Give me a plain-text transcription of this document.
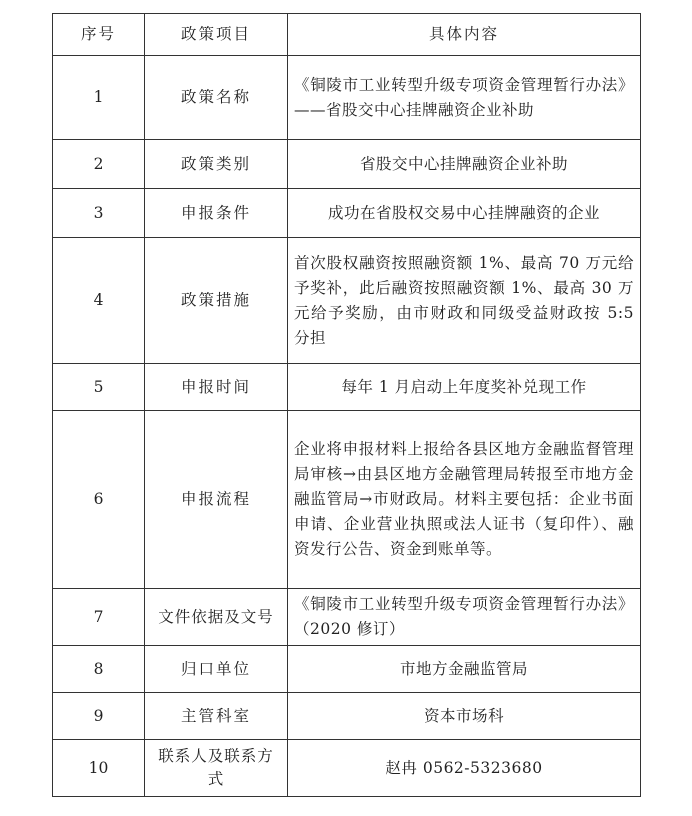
序号	政策项目	具体内容
1	政策名称	《铜陵市工业转型升级专项资金管理暂行办法》——省股交中心挂牌融资企业补助
2	政策类别	省股交中心挂牌融资企业补助
3	申报条件	成功在省股权交易中心挂牌融资的企业
4	政策措施	首次股权融资按照融资额 1%、最高 70 万元给予奖补，此后融资按照融资额 1%、最高 30 万元给予奖励，由市财政和同级受益财政按 5:5 分担
5	申报时间	每年 1 月启动上年度奖补兑现工作
6	申报流程	企业将申报材料上报给各县区地方金融监督管理局审核→由县区地方金融管理局转报至市地方金融监管局→市财政局。材料主要包括：企业书面申请、企业营业执照或法人证书（复印件）、融资发行公告、资金到账单等。
7	文件依据及文号	《铜陵市工业转型升级专项资金管理暂行办法》（2020 修订）
8	归口单位	市地方金融监管局
9	主管科室	资本市场科
10	联系人及联系方式	赵冉 0562-5323680
